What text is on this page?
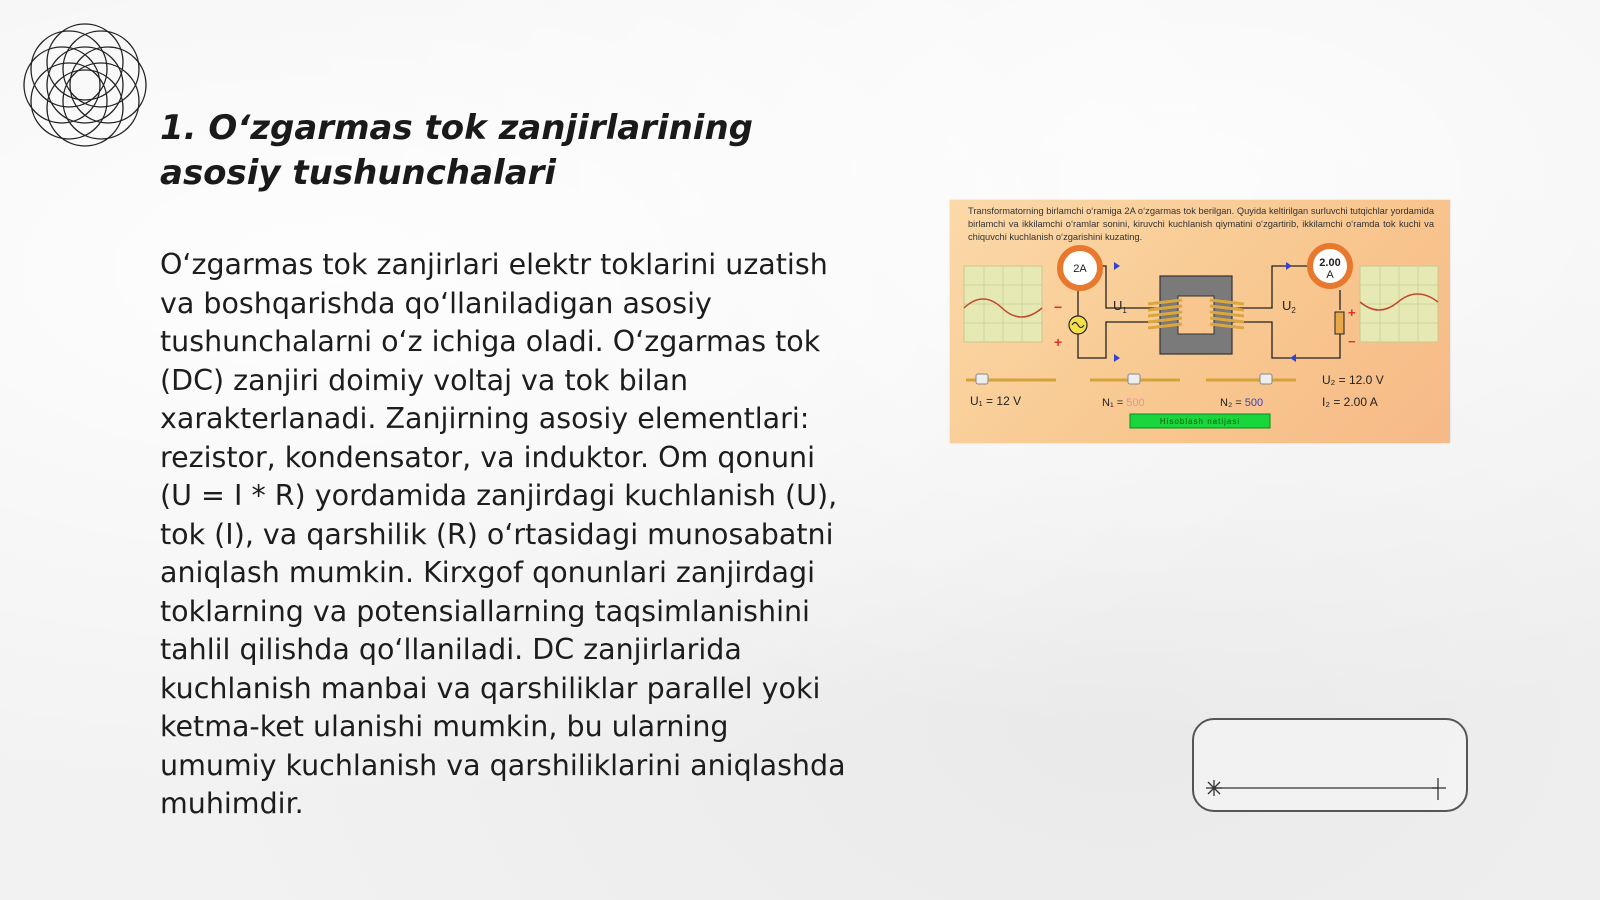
1. O‘zgarmas tok zanjirlarining asosiy tushunchalari

O‘zgarmas tok zanjirlari elektr toklarini uzatish va boshqarishda qo‘llaniladigan asosiy tushunchalarni o‘z ichiga oladi. O‘zgarmas tok (DC) zanjiri doimiy voltaj va tok bilan xarakterlanadi. Zanjirning asosiy elementlari: rezistor, kondensator, va induktor. Om qonuni (U = I * R) yordamida zanjirdagi kuchlanish (U), tok (I), va qarshilik (R) o‘rtasidagi munosabatni aniqlash mumkin. Kirxgof qonunlari zanjirdagi toklarning va potensiallarning taqsimlanishini tahlil qilishda qo‘llaniladi. DC zanjirlarida kuchlanish manbai va qarshiliklar parallel yoki ketma-ket ulanishi mumkin, bu ularning umumiy kuchlanish va qarshiliklarini aniqlashda muhimdir.

Transformatorning birlamchi o‘ramiga 2A o‘zgarmas tok berilgan. Quyida keltirilgan surluvchi tutqichlar yordamida birlamchi va ikkilamchi o‘ramlar sonini, kiruvchi kuchlanish qiymatini o‘zgartirib, ikkilamchi o‘ramda tok kuchi va chiquvchi kuchlanish o‘zgarishini kuzating.
−
+
2A	2.00
A
+
−
$U_1$	$U_2$
U₁ = 12 V	N₁ = 500	N₂ = 500
U₂ = 12.0 V
I₂ = 2.00 A
Hisoblash natijasi
